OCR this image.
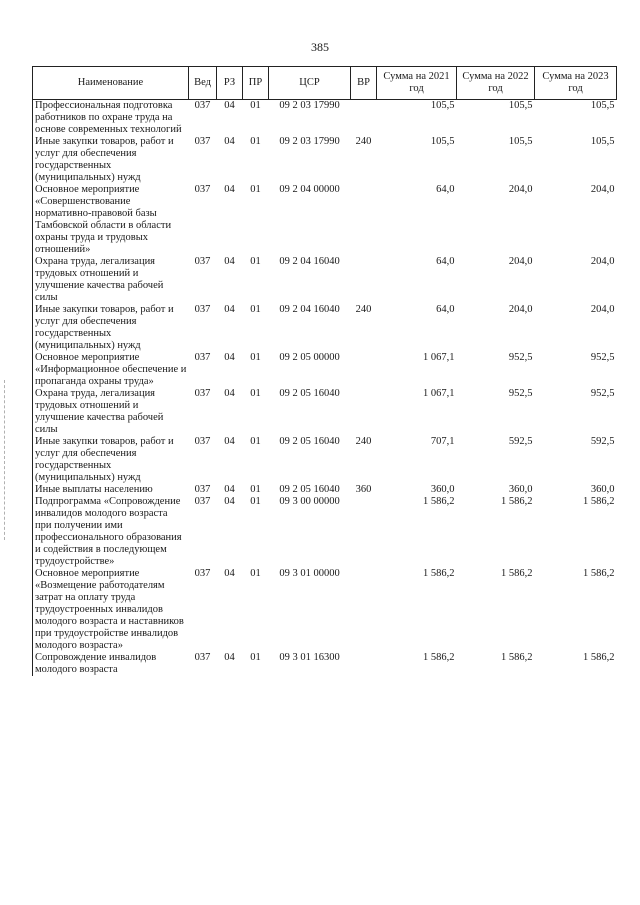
385
Наименование	Вед	РЗ	ПР	ЦСР	ВР	Сумма на 2021 год	Сумма на 2022 год	Сумма на 2023 год
Профессиональная подготовка работников по охране труда на основе современных технологий	037	04	01	09 2 03 17990		105,5	105,5	105,5
Иные закупки товаров, работ и услуг для обеспечения государственных (муниципальных) нужд	037	04	01	09 2 03 17990	240	105,5	105,5	105,5
Основное мероприятие «Совершенствование нормативно-правовой базы Тамбовской области в области охраны труда и трудовых отношений»	037	04	01	09 2 04 00000		64,0	204,0	204,0
Охрана труда, легализация трудовых отношений и улучшение качества рабочей силы	037	04	01	09 2 04 16040		64,0	204,0	204,0
Иные закупки товаров, работ и услуг для обеспечения государственных (муниципальных) нужд	037	04	01	09 2 04 16040	240	64,0	204,0	204,0
Основное мероприятие «Информационное обеспечение и пропаганда охраны труда»	037	04	01	09 2 05 00000		1 067,1	952,5	952,5
Охрана труда, легализация трудовых отношений и улучшение качества рабочей силы	037	04	01	09 2 05 16040		1 067,1	952,5	952,5
Иные закупки товаров, работ и услуг для обеспечения государственных (муниципальных) нужд	037	04	01	09 2 05 16040	240	707,1	592,5	592,5
Иные выплаты населению	037	04	01	09 2 05 16040	360	360,0	360,0	360,0
Подпрограмма «Сопровождение инвалидов молодого возраста при получении ими профессионального образования и содействия в последующем трудоустройстве»	037	04	01	09 3 00 00000		1 586,2	1 586,2	1 586,2
Основное мероприятие «Возмещение работодателям затрат на оплату труда трудоустроенных инвалидов молодого возраста и наставников при трудоустройстве инвалидов молодого возраста»	037	04	01	09 3 01 00000		1 586,2	1 586,2	1 586,2
Сопровождение инвалидов молодого возраста	037	04	01	09 3 01 16300		1 586,2	1 586,2	1 586,2
